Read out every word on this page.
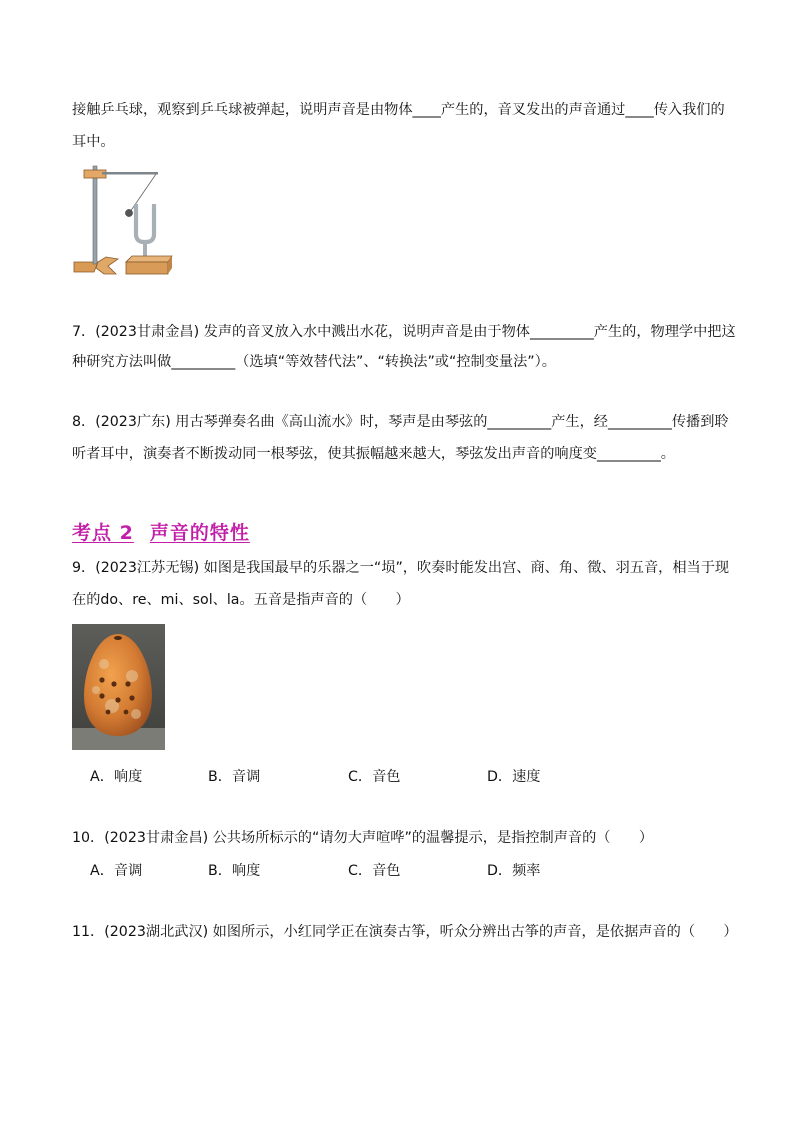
接触乒乓球，观察到乒乓球被弹起，说明声音是由物体____产生的，音叉发出的声音通过____传入我们的
耳中。
7．(2023甘肃金昌) 发声的音叉放入水中溅出水花，说明声音是由于物体_________产生的，物理学中把这
种研究方法叫做_________（选填“等效替代法”、“转换法”或“控制变量法”）。
8．(2023广东) 用古琴弹奏名曲《高山流水》时，琴声是由琴弦的_________产生，经_________传播到聆
听者耳中，演奏者不断拨动同一根琴弦，使其振幅越来越大，琴弦发出声音的响度变_________。
考点 2 声音的特性
9．(2023江苏无锡) 如图是我国最早的乐器之一“埙”，吹奏时能发出宫、商、角、徵、羽五音，相当于现
在的do、re、mi、sol、la。五音是指声音的（　　）
A．响度	B．音调	C．音色	D．速度
10．(2023甘肃金昌) 公共场所标示的“请勿大声喧哗”的温馨提示，是指控制声音的（　　）
A．音调	B．响度	C．音色	D．频率
11．(2023湖北武汉) 如图所示，小红同学正在演奏古筝，听众分辨出古筝的声音，是依据声音的（　　）
